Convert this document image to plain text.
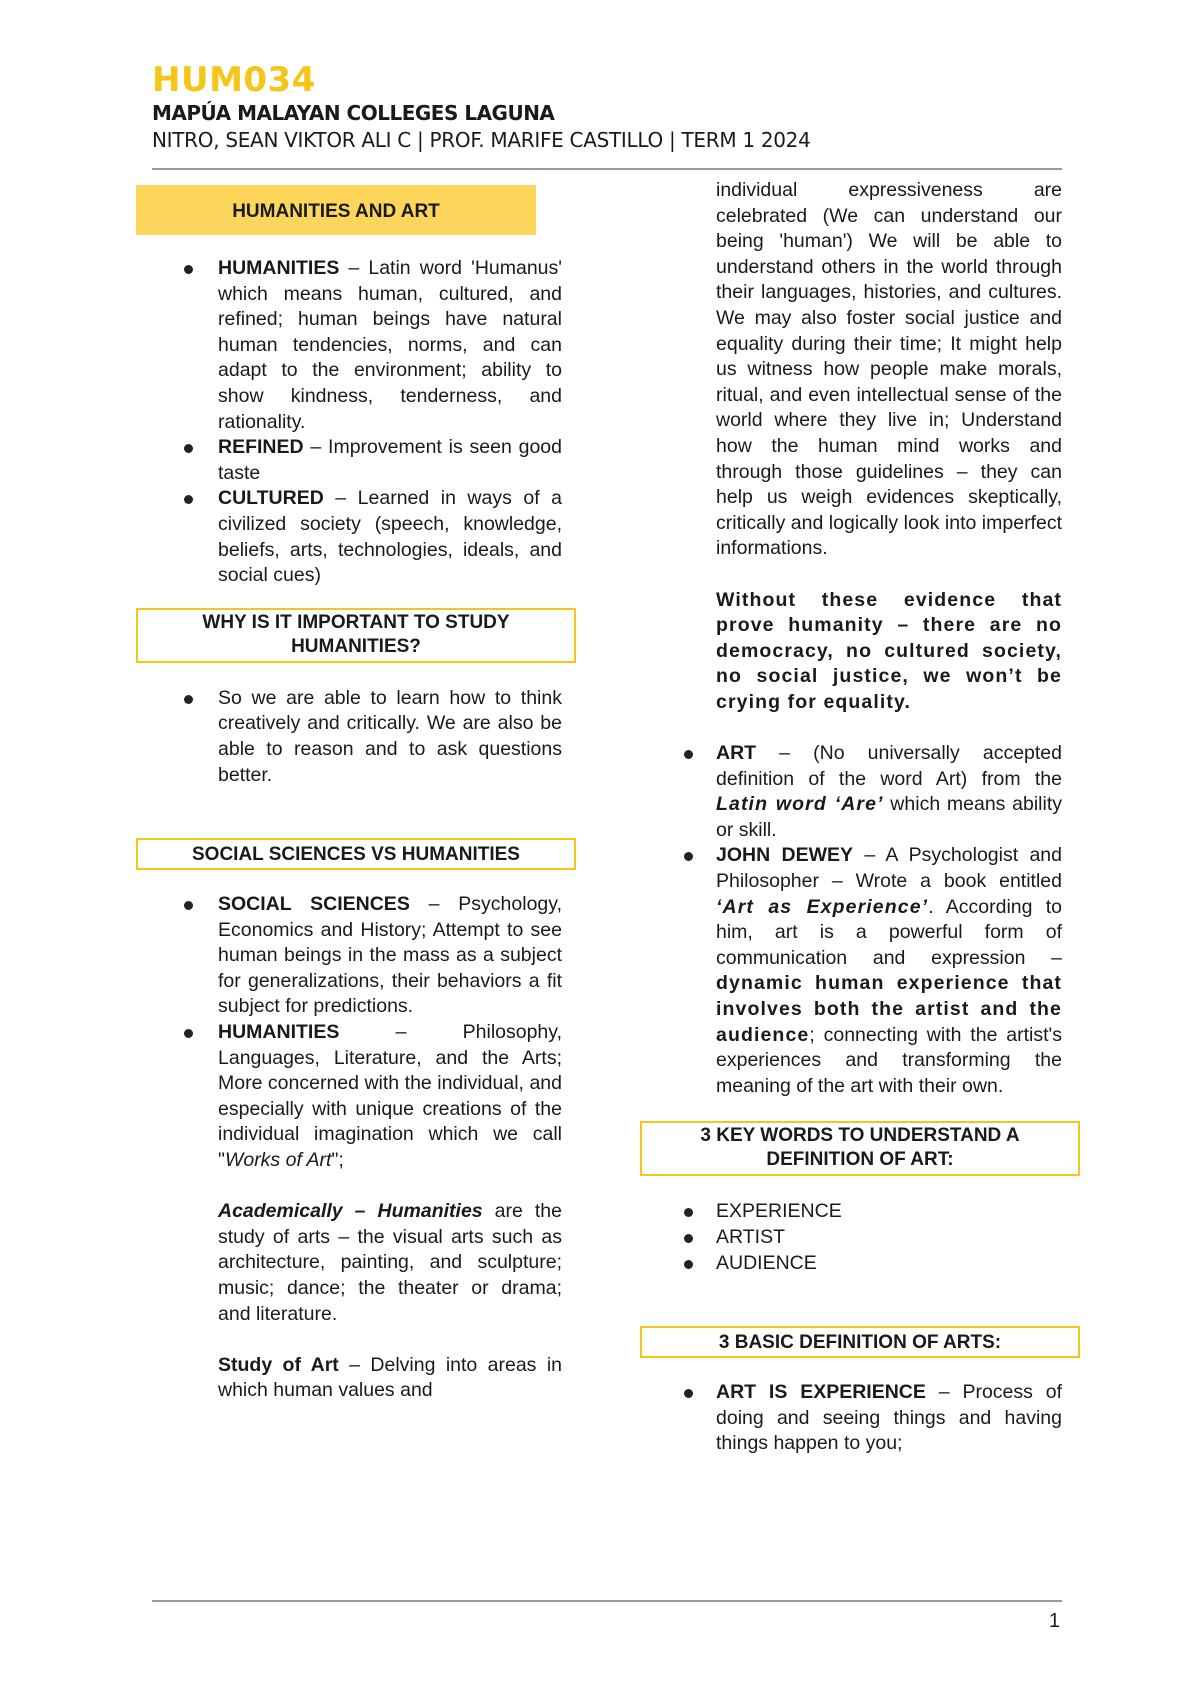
HUM034
MAPÚA MALAYAN COLLEGES LAGUNA
NITRO, SEAN VIKTOR ALI C | PROF. MARIFE CASTILLO | TERM 1 2024
HUMANITIES AND ART
HUMANITIES – Latin word 'Humanus' which means human, cultured, and refined; human beings have natural human tendencies, norms, and can adapt to the environment; ability to show kindness, tenderness, and rationality.
REFINED – Improvement is seen good taste
CULTURED – Learned in ways of a civilized society (speech, knowledge, beliefs, arts, technologies, ideals, and social cues)
WHY IS IT IMPORTANT TO STUDY HUMANITIES?
So we are able to learn how to think creatively and critically. We are also be able to reason and to ask questions better.
SOCIAL SCIENCES VS HUMANITIES
SOCIAL SCIENCES – Psychology, Economics and History; Attempt to see human beings in the mass as a subject for generalizations, their behaviors a fit subject for predictions.
HUMANITIES – Philosophy, Languages, Literature, and the Arts; More concerned with the individual, and especially with unique creations of the individual imagination which we call "Works of Art";

Academically – Humanities are the study of arts – the visual arts such as architecture, painting, and sculpture; music; dance; the theater or drama; and literature.

Study of Art – Delving into areas in which human values and

individual expressiveness are celebrated (We can understand our being 'human') We will be able to understand others in the world through their languages, histories, and cultures. We may also foster social justice and equality during their time; It might help us witness how people make morals, ritual, and even intellectual sense of the world where they live in; Understand how the human mind works and through those guidelines – they can help us weigh evidences skeptically, critically and logically look into imperfect informations.

Without these evidence that prove humanity – there are no democracy, no cultured society, no social justice, we won’t be crying for equality.

ART – (No universally accepted definition of the word Art) from the Latin word ‘Are’ which means ability or skill.
JOHN DEWEY – A Psychologist and Philosopher – Wrote a book entitled ‘Art as Experience’. According to him, art is a powerful form of communication and expression – dynamic human experience that involves both the artist and the audience; connecting with the artist's experiences and transforming the meaning of the art with their own.
3 KEY WORDS TO UNDERSTAND A DEFINITION OF ART:
EXPERIENCE
ARTIST
AUDIENCE
3 BASIC DEFINITION OF ARTS:
ART IS EXPERIENCE – Process of doing and seeing things and having things happen to you;
1
